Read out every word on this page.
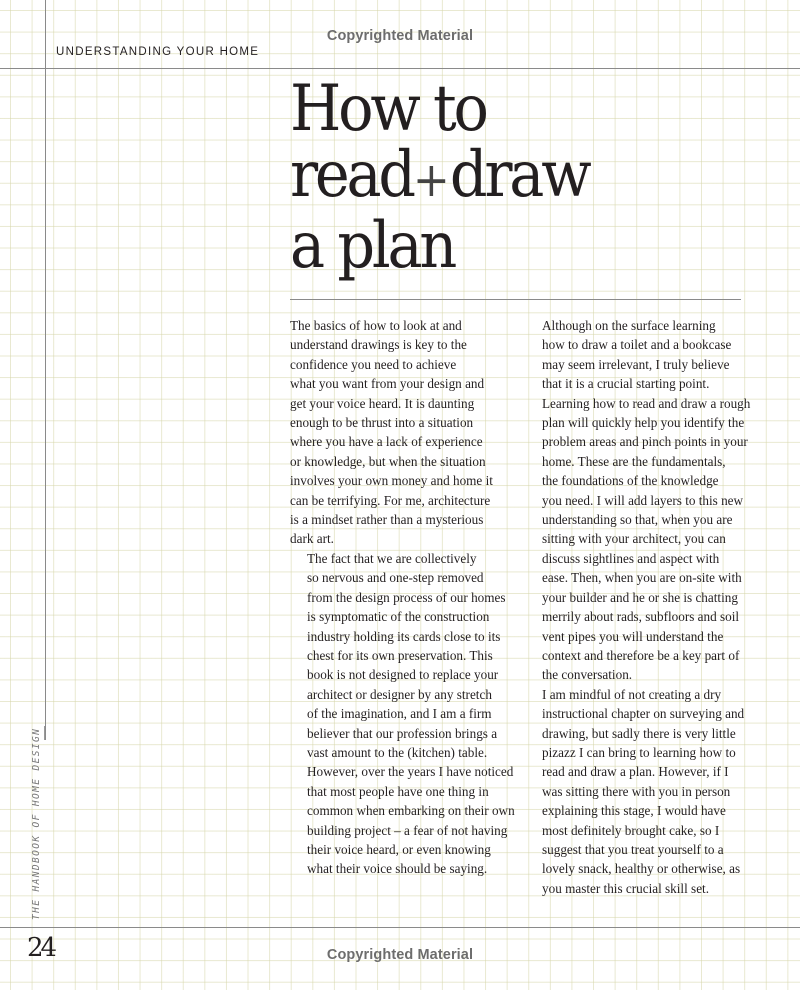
Copyrighted Material
Copyrighted Material
UNDERSTANDING YOUR HOME
How to
read+draw
a plan

The basics of how to look at and
understand drawings is key to the
confidence you need to achieve
what you want from your design and
get your voice heard. It is daunting
enough to be thrust into a situation
where you have a lack of experience
or knowledge, but when the situation
involves your own money and home it
can be terrifying. For me, architecture
is a mindset rather than a mysterious
dark art.

The fact that we are collectively
so nervous and one-step removed
from the design process of our homes
is symptomatic of the construction
industry holding its cards close to its
chest for its own preservation. This
book is not designed to replace your
architect or designer by any stretch
of the imagination, and I am a firm
believer that our profession brings a
vast amount to the (kitchen) table.
However, over the years I have noticed
that most people have one thing in
common when embarking on their own
building project – a fear of not having
their voice heard, or even knowing
what their voice should be saying.

Although on the surface learning
how to draw a toilet and a bookcase
may seem irrelevant, I truly believe
that it is a crucial starting point.
Learning how to read and draw a rough
plan will quickly help you identify the
problem areas and pinch points in your
home. These are the fundamentals,
the foundations of the knowledge
you need. I will add layers to this new
understanding so that, when you are
sitting with your architect, you can
discuss sightlines and aspect with
ease. Then, when you are on-site with
your builder and he or she is chatting
merrily about rads, subfloors and soil
vent pipes you will understand the
context and therefore be a key part of
the conversation.

I am mindful of not creating a dry
instructional chapter on surveying and
drawing, but sadly there is very little
pizazz I can bring to learning how to
read and draw a plan. However, if I
was sitting there with you in person
explaining this stage, I would have
most definitely brought cake, so I
suggest that you treat yourself to a
lovely snack, healthy or otherwise, as
you master this crucial skill set.

THE HANDBOOK OF HOME DESIGN
24
